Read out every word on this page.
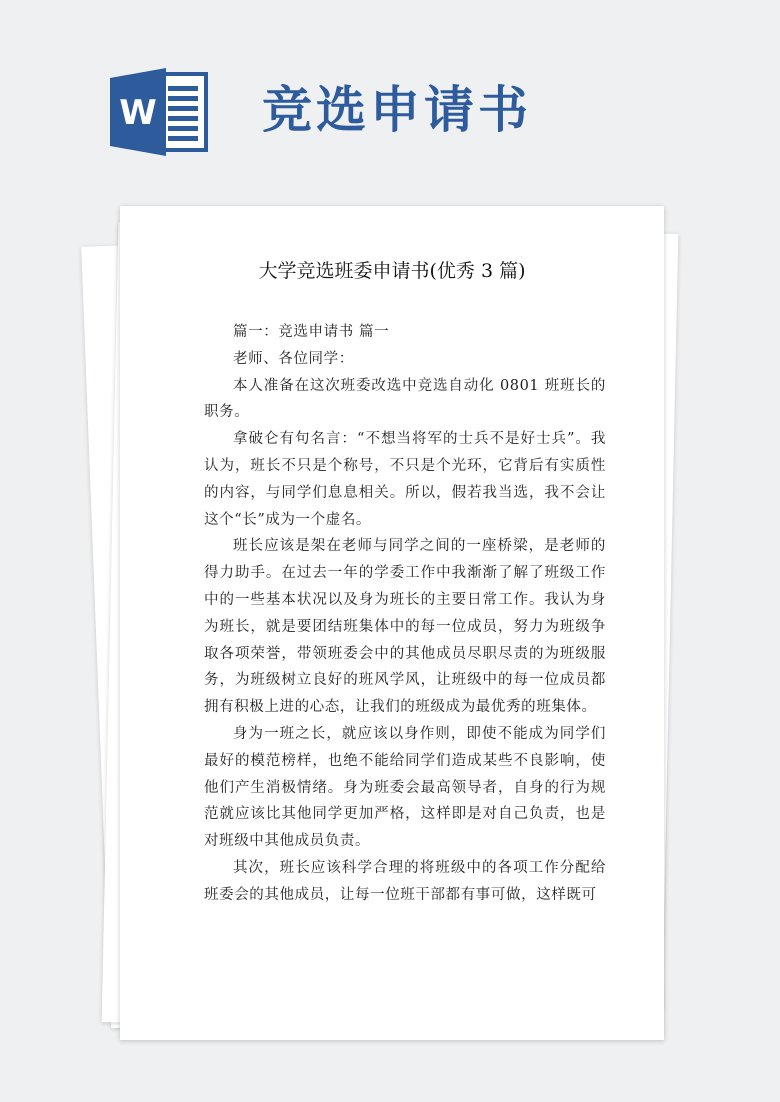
W 竞选申请书
大学竞选班委申请书(优秀 3 篇)

篇一：竞选申请书 篇一

老师、各位同学：

本人准备在这次班委改选中竞选自动化 0801 班班长的职务。

拿破仑有句名言：“不想当将军的士兵不是好士兵”。我认为，班长不只是个称号，不只是个光环，它背后有实质性的内容，与同学们息息相关。所以，假若我当选，我不会让这个“长”成为一个虚名。

班长应该是架在老师与同学之间的一座桥梁，是老师的得力助手。在过去一年的学委工作中我渐渐了解了班级工作中的一些基本状况以及身为班长的主要日常工作。我认为身为班长，就是要团结班集体中的每一位成员，努力为班级争取各项荣誉，带领班委会中的其他成员尽职尽责的为班级服务，为班级树立良好的班风学风，让班级中的每一位成员都拥有积极上进的心态，让我们的班级成为最优秀的班集体。

身为一班之长，就应该以身作则，即使不能成为同学们最好的模范榜样，也绝不能给同学们造成某些不良影响，使他们产生消极情绪。身为班委会最高领导者，自身的行为规范就应该比其他同学更加严格，这样即是对自己负责，也是对班级中其他成员负责。

其次，班长应该科学合理的将班级中的各项工作分配给班委会的其他成员，让每一位班干部都有事可做，这样既可
